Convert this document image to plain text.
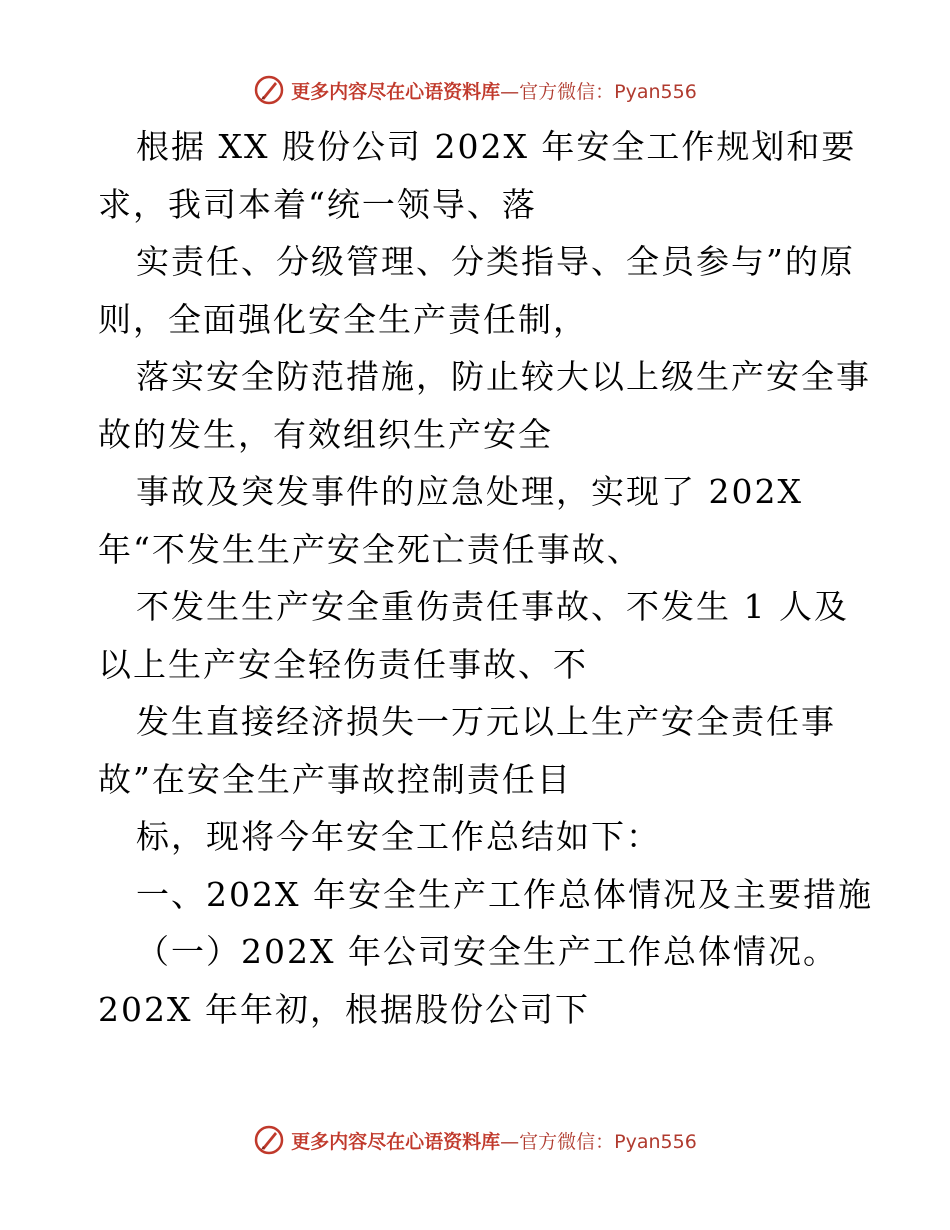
更多内容尽在心语资料库—官方微信：Pyan556
根据 XX 股份公司 202X 年安全工作规划和要
求，我司本着“统一领导、落
实责任、分级管理、分类指导、全员参与”的原
则，全面强化安全生产责任制，
落实安全防范措施，防止较大以上级生产安全事
故的发生，有效组织生产安全
事故及突发事件的应急处理，实现了 202X
年“不发生生产安全死亡责任事故、
不发生生产安全重伤责任事故、不发生 1 人及
以上生产安全轻伤责任事故、不
发生直接经济损失一万元以上生产安全责任事
故”在安全生产事故控制责任目
标，现将今年安全工作总结如下：
一、202X 年安全生产工作总体情况及主要措施
（一）202X 年公司安全生产工作总体情况。
202X 年年初，根据股份公司下
更多内容尽在心语资料库—官方微信：Pyan556
